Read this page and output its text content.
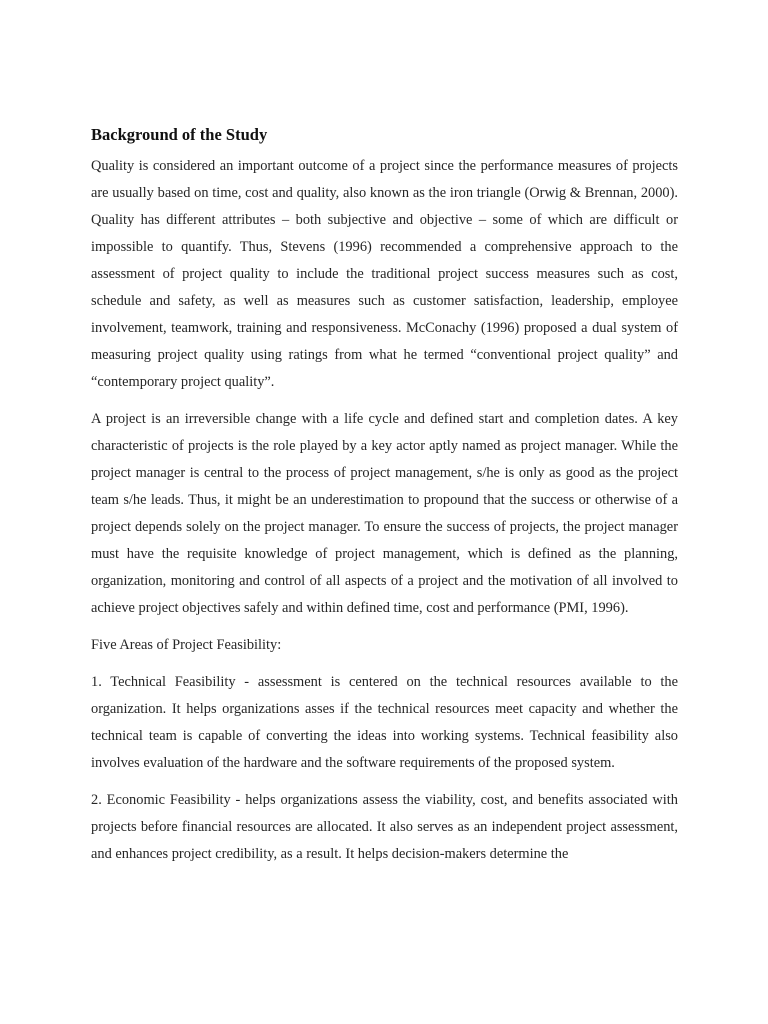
Background of the Study

Quality is considered an important outcome of a project since the performance measures of projects are usually based on time, cost and quality, also known as the iron triangle (Orwig & Brennan, 2000). Quality has different attributes – both subjective and objective – some of which are difficult or impossible to quantify. Thus, Stevens (1996) recommended a comprehensive approach to the assessment of project quality to include the traditional project success measures such as cost, schedule and safety, as well as measures such as customer satisfaction, leadership, employee involvement, teamwork, training and responsiveness. McConachy (1996) proposed a dual system of measuring project quality using ratings from what he termed “conventional project quality” and “contemporary project quality”.

A project is an irreversible change with a life cycle and defined start and completion dates. A key characteristic of projects is the role played by a key actor aptly named as project manager. While the project manager is central to the process of project management, s/he is only as good as the project team s/he leads. Thus, it might be an underestimation to propound that the success or otherwise of a project depends solely on the project manager. To ensure the success of projects, the project manager must have the requisite knowledge of project management, which is defined as the planning, organization, monitoring and control of all aspects of a project and the motivation of all involved to achieve project objectives safely and within defined time, cost and performance (PMI, 1996).

Five Areas of Project Feasibility:

1. Technical Feasibility - assessment is centered on the technical resources available to the organization. It helps organizations asses if the technical resources meet capacity and whether the technical team is capable of converting the ideas into working systems. Technical feasibility also involves evaluation of the hardware and the software requirements of the proposed system.

2. Economic Feasibility - helps organizations assess the viability, cost, and benefits associated with projects before financial resources are allocated. It also serves as an independent project assessment, and enhances project credibility, as a result. It helps decision-makers determine the
